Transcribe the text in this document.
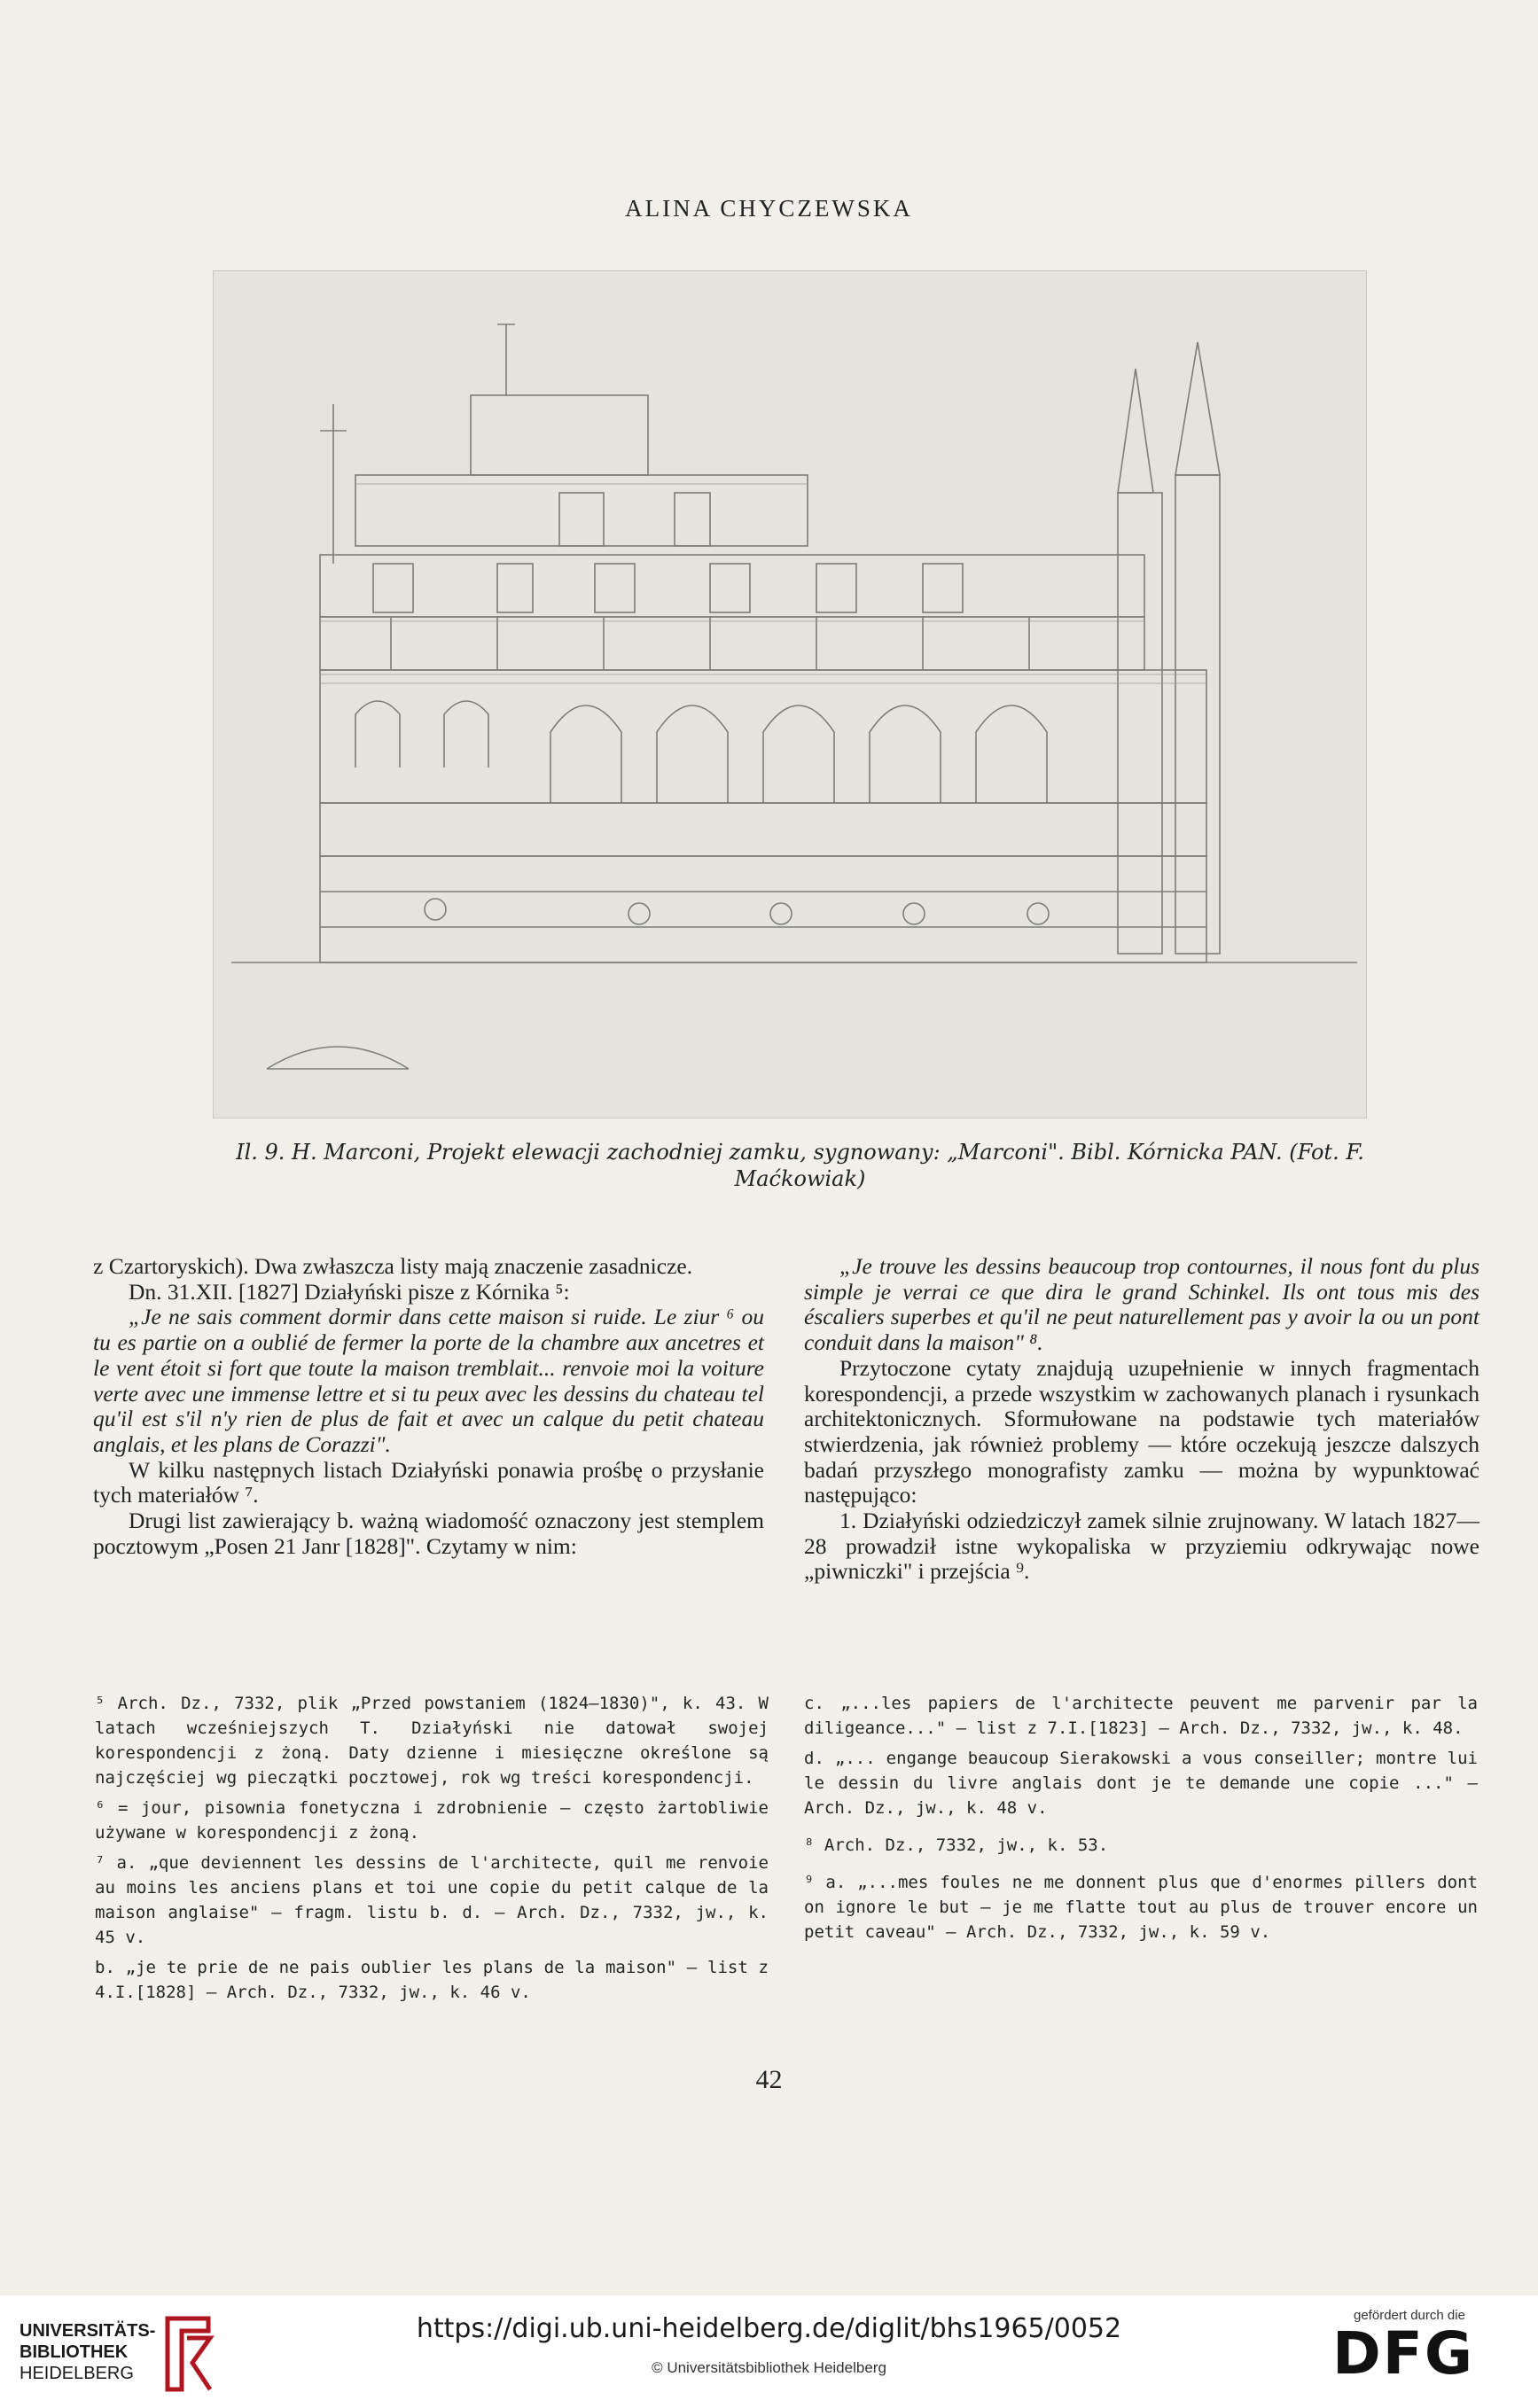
ALINA CHYCZEWSKA
Il. 9. H. Marconi, Projekt elewacji zachodniej zamku, sygnowany: „Marconi". Bibl. Kórnicka PAN. (Fot. F. Maćkowiak)

z Czartoryskich). Dwa zwłaszcza listy mają znaczenie zasadnicze.

Dn. 31.XII. [1827] Działyński pisze z Kórnika ⁵:

„Je ne sais comment dormir dans cette maison si ruide. Le ziur ⁶ ou tu es partie on a oublié de fermer la porte de la chambre aux ancetres et le vent étoit si fort que toute la maison tremblait... renvoie moi la voiture verte avec une immense lettre et si tu peux avec les dessins du chateau tel qu'il est s'il n'y rien de plus de fait et avec un calque du petit chateau anglais, et les plans de Corazzi".

W kilku następnych listach Działyński ponawia prośbę o przysłanie tych materiałów ⁷.

Drugi list zawierający b. ważną wiadomość oznaczony jest stemplem pocztowym „Posen 21 Janr [1828]". Czytamy w nim:

„Je trouve les dessins beaucoup trop contournes, il nous font du plus simple je verrai ce que dira le grand Schinkel. Ils ont tous mis des éscaliers superbes et qu'il ne peut naturellement pas y avoir la ou un pont conduit dans la maison" ⁸.

Przytoczone cytaty znajdują uzupełnienie w innych fragmentach korespondencji, a przede wszystkim w zachowanych planach i rysunkach architektonicznych. Sformułowane na podstawie tych materiałów stwierdzenia, jak również problemy — które oczekują jeszcze dalszych badań przyszłego monografisty zamku — można by wypunktować następująco:

1. Działyński odziedziczył zamek silnie zrujnowany. W latach 1827—28 prowadził istne wykopaliska w przyziemiu odkrywając nowe „piwniczki" i przejścia ⁹.

⁵ Arch. Dz., 7332, plik „Przed powstaniem (1824—1830)", k. 43. W latach wcześniejszych T. Działyński nie datował swojej korespondencji z żoną. Daty dzienne i miesięczne określone są najczęściej wg pieczątki pocztowej, rok wg treści korespondencji.

⁶ = jour, pisownia fonetyczna i zdrobnienie — często żartobliwie używane w korespondencji z żoną.

⁷ a. „que deviennent les dessins de l'architecte, quil me renvoie au moins les anciens plans et toi une copie du petit calque de la maison anglaise" — fragm. listu b. d. — Arch. Dz., 7332, jw., k. 45 v.

b. „je te prie de ne pais oublier les plans de la maison" — list z 4.I.[1828] — Arch. Dz., 7332, jw., k. 46 v.

c. „...les papiers de l'architecte peuvent me parvenir par la diligeance..." — list z 7.I.[1823] — Arch. Dz., 7332, jw., k. 48.

d. „... engange beaucoup Sierakowski a vous conseiller; montre lui le dessin du livre anglais dont je te demande une copie ..." — Arch. Dz., jw., k. 48 v.

⁸ Arch. Dz., 7332, jw., k. 53.

⁹ a. „...mes foules ne me donnent plus que d'enormes pillers dont on ignore le but — je me flatte tout au plus de trouver encore un petit caveau" — Arch. Dz., 7332, jw., k. 59 v.

42
UNIVERSITÄTS-
BIBLIOTHEK
HEIDELBERG
https://digi.ub.uni-heidelberg.de/diglit/bhs1965/0052
© Universitätsbibliothek Heidelberg
gefördert durch die
DFG
